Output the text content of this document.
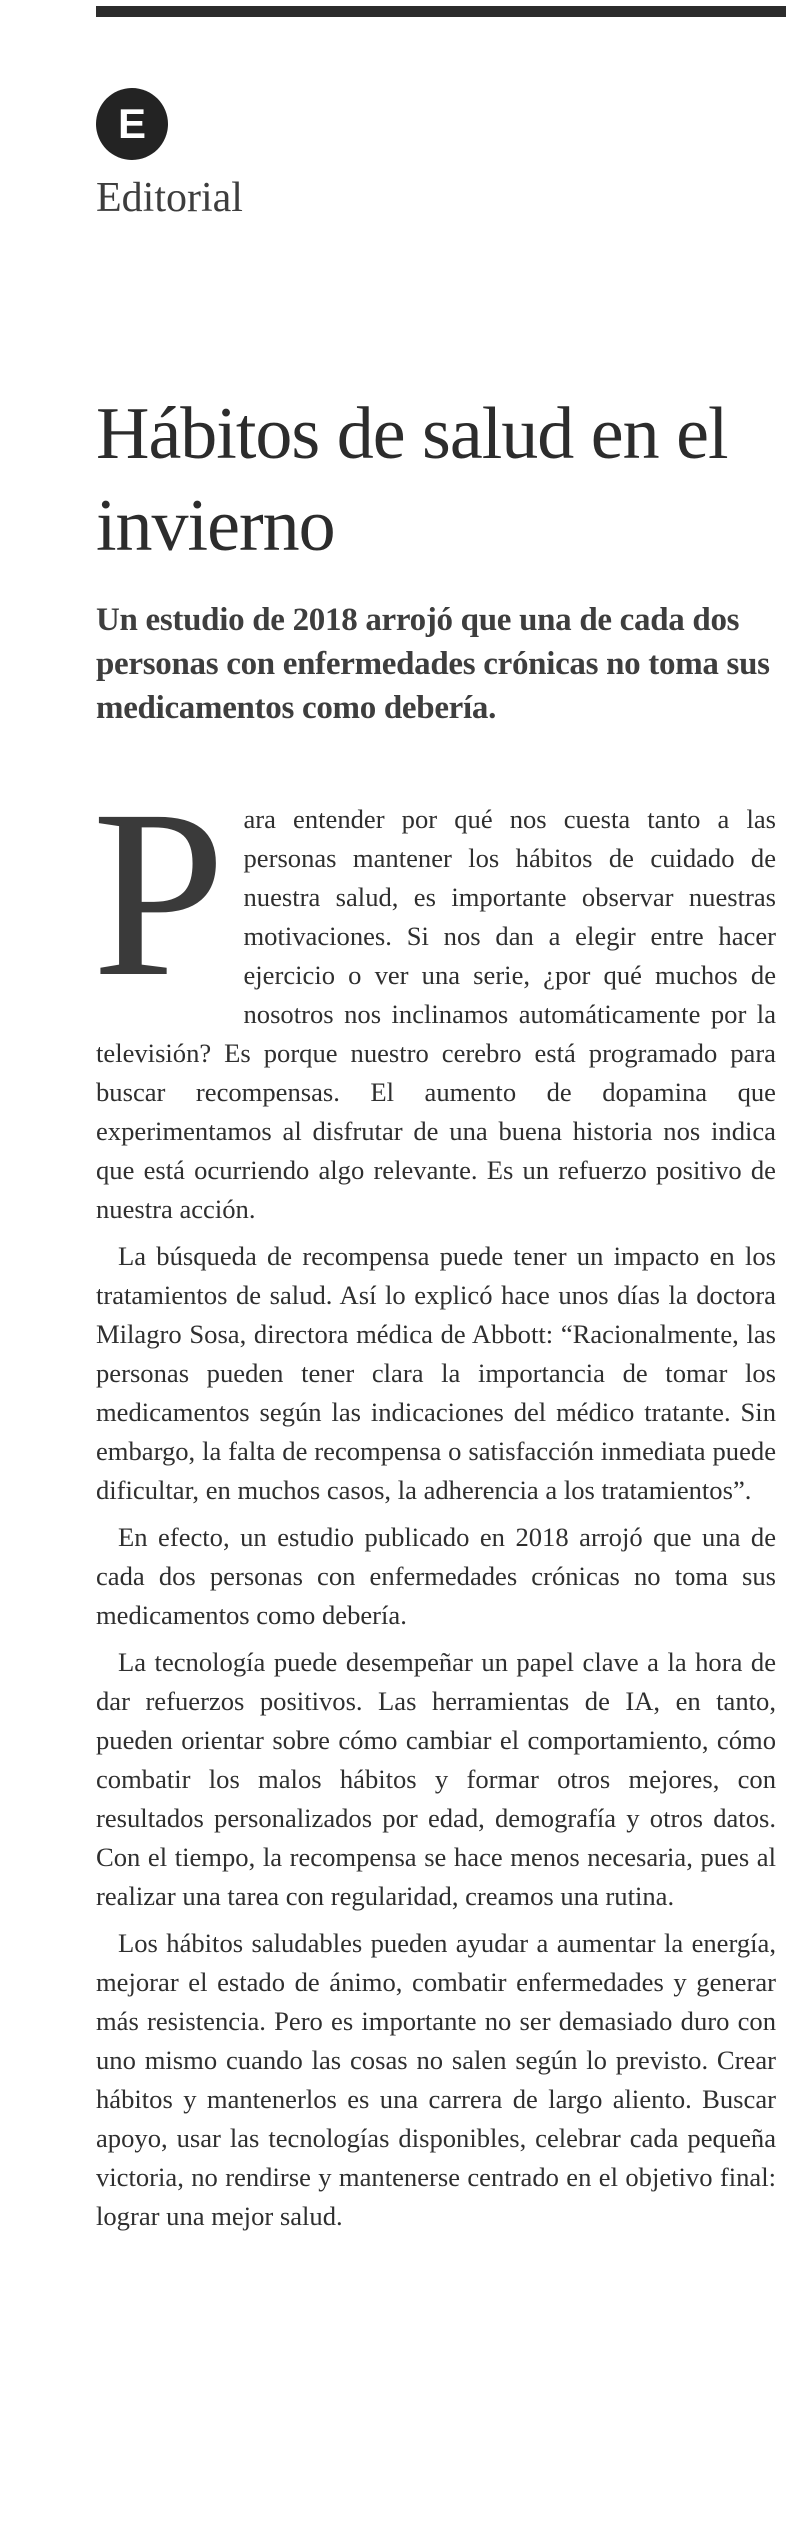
E
Editorial
Hábitos de salud en el invierno

Un estudio de 2018 arrojó que una de cada dos personas con enfermedades crónicas no toma sus medicamentos como debería.

Para entender por qué nos cuesta tanto a las personas mantener los hábitos de cuidado de nuestra salud, es importante observar nuestras motivaciones. Si nos dan a elegir entre hacer ejercicio o ver una serie, ¿por qué muchos de nosotros nos inclinamos automáticamente por la televisión? Es porque nuestro cerebro está programado para buscar recompensas. El aumento de dopamina que experimentamos al disfrutar de una buena historia nos indica que está ocurriendo algo relevante. Es un refuerzo positivo de nuestra acción.

La búsqueda de recompensa puede tener un impacto en los tratamientos de salud. Así lo explicó hace unos días la doctora Milagro Sosa, directora médica de Abbott: “Racionalmente, las personas pueden tener clara la importancia de tomar los medicamentos según las indicaciones del médico tratante. Sin embargo, la falta de recompensa o satisfacción inmediata puede dificultar, en muchos casos, la adherencia a los tratamientos”.

En efecto, un estudio publicado en 2018 arrojó que una de cada dos personas con enfermedades crónicas no toma sus medicamentos como debería.

La tecnología puede desempeñar un papel clave a la hora de dar refuerzos positivos. Las herramientas de IA, en tanto, pueden orientar sobre cómo cambiar el comportamiento, cómo combatir los malos hábitos y formar otros mejores, con resultados personalizados por edad, demografía y otros datos. Con el tiempo, la recompensa se hace menos necesaria, pues al realizar una tarea con regularidad, creamos una rutina.

Los hábitos saludables pueden ayudar a aumentar la energía, mejorar el estado de ánimo, combatir enfermedades y generar más resistencia. Pero es importante no ser demasiado duro con uno mismo cuando las cosas no salen según lo previsto. Crear hábitos y mantenerlos es una carrera de largo aliento. Buscar apoyo, usar las tecnologías disponibles, celebrar cada pequeña victoria, no rendirse y mantenerse centrado en el objetivo final: lograr una mejor salud.
